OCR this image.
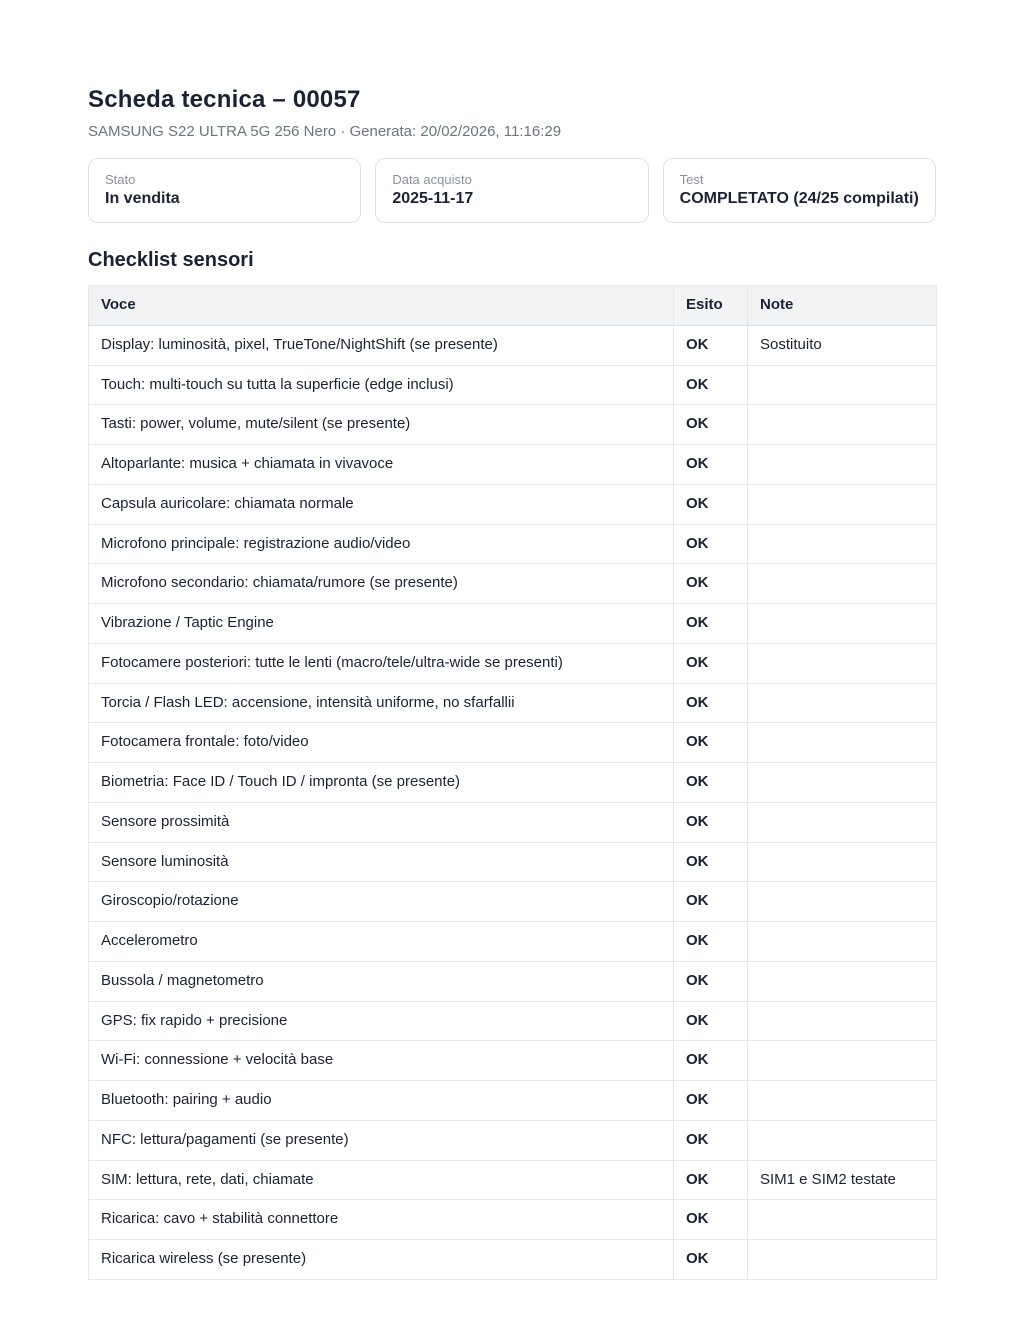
Scheda tecnica – 00057
SAMSUNG S22 ULTRA 5G 256 Nero · Generata: 20/02/2026, 11:16:29
Stato
In vendita
Data acquisto
2025-11-17
Test
COMPLETATO (24/25 compilati)
Checklist sensori
Voce	Esito	Note
Display: luminosità, pixel, TrueTone/NightShift (se presente)	OK	Sostituito
Touch: multi-touch su tutta la superficie (edge inclusi)	OK	
Tasti: power, volume, mute/silent (se presente)	OK	
Altoparlante: musica + chiamata in vivavoce	OK	
Capsula auricolare: chiamata normale	OK	
Microfono principale: registrazione audio/video	OK	
Microfono secondario: chiamata/rumore (se presente)	OK	
Vibrazione / Taptic Engine	OK	
Fotocamere posteriori: tutte le lenti (macro/tele/ultra-wide se presenti)	OK	
Torcia / Flash LED: accensione, intensità uniforme, no sfarfallii	OK	
Fotocamera frontale: foto/video	OK	
Biometria: Face ID / Touch ID / impronta (se presente)	OK	
Sensore prossimità	OK	
Sensore luminosità	OK	
Giroscopio/rotazione	OK	
Accelerometro	OK	
Bussola / magnetometro	OK	
GPS: fix rapido + precisione	OK	
Wi-Fi: connessione + velocità base	OK	
Bluetooth: pairing + audio	OK	
NFC: lettura/pagamenti (se presente)	OK	
SIM: lettura, rete, dati, chiamate	OK	SIM1 e SIM2 testate
Ricarica: cavo + stabilità connettore	OK	
Ricarica wireless (se presente)	OK	
